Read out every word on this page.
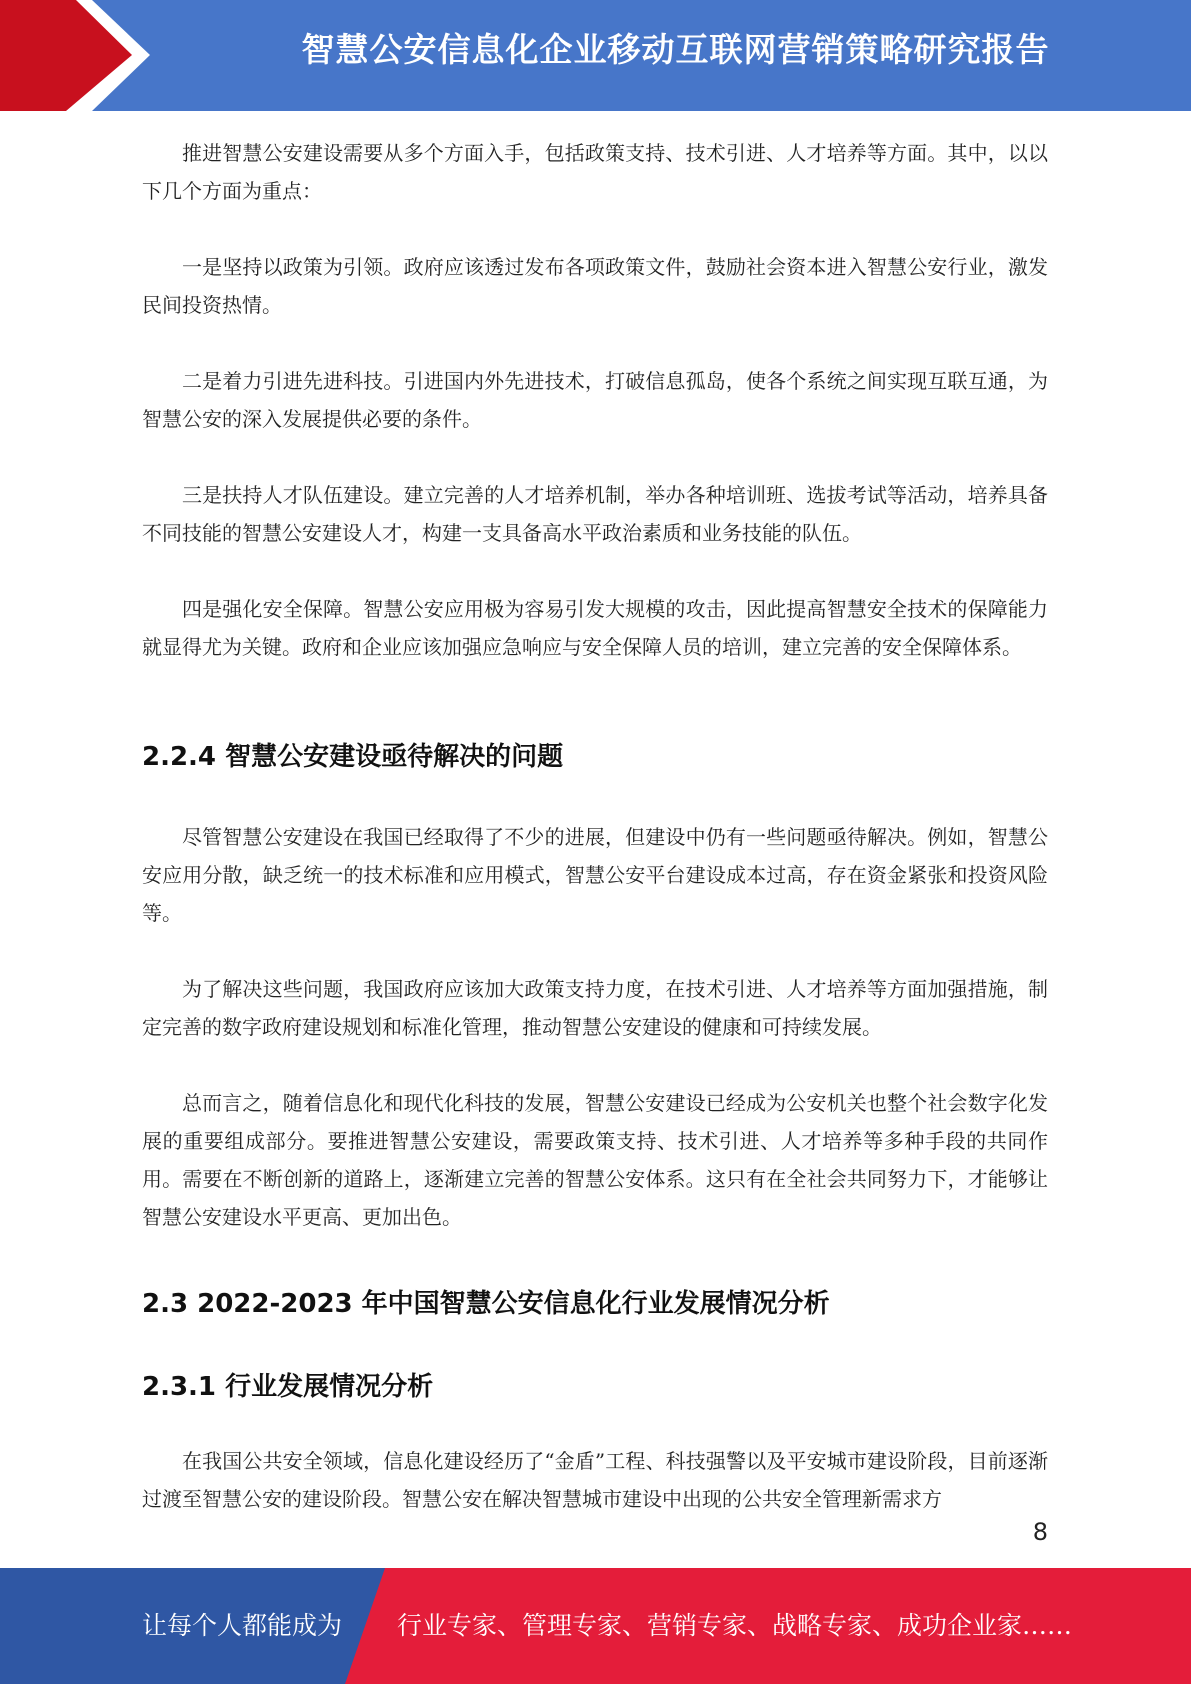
智慧公安信息化企业移动互联网营销策略研究报告

推进智慧公安建设需要从多个方面入手，包括政策支持、技术引进、人才培养等方面。其中，以以下几个方面为重点：

一是坚持以政策为引领。政府应该透过发布各项政策文件，鼓励社会资本进入智慧公安行业，激发民间投资热情。

二是着力引进先进科技。引进国内外先进技术，打破信息孤岛，使各个系统之间实现互联互通，为智慧公安的深入发展提供必要的条件。

三是扶持人才队伍建设。建立完善的人才培养机制，举办各种培训班、选拔考试等活动，培养具备不同技能的智慧公安建设人才，构建一支具备高水平政治素质和业务技能的队伍。

四是强化安全保障。智慧公安应用极为容易引发大规模的攻击，因此提高智慧安全技术的保障能力就显得尤为关键。政府和企业应该加强应急响应与安全保障人员的培训，建立完善的安全保障体系。

2.2.4 智慧公安建设亟待解决的问题

尽管智慧公安建设在我国已经取得了不少的进展，但建设中仍有一些问题亟待解决。例如，智慧公安应用分散，缺乏统一的技术标准和应用模式，智慧公安平台建设成本过高，存在资金紧张和投资风险等。

为了解决这些问题，我国政府应该加大政策支持力度，在技术引进、人才培养等方面加强措施，制定完善的数字政府建设规划和标准化管理，推动智慧公安建设的健康和可持续发展。

总而言之，随着信息化和现代化科技的发展，智慧公安建设已经成为公安机关也整个社会数字化发展的重要组成部分。要推进智慧公安建设，需要政策支持、技术引进、人才培养等多种手段的共同作用。需要在不断创新的道路上，逐渐建立完善的智慧公安体系。这只有在全社会共同努力下，才能够让智慧公安建设水平更高、更加出色。

2.3 2022-2023 年中国智慧公安信息化行业发展情况分析
2.3.1 行业发展情况分析

在我国公共安全领域，信息化建设经历了“金盾”工程、科技强警以及平安城市建设阶段，目前逐渐过渡至智慧公安的建设阶段。智慧公安在解决智慧城市建设中出现的公共安全管理新需求方

8
让每个人都能成为 行业专家、管理专家、营销专家、战略专家、成功企业家……
